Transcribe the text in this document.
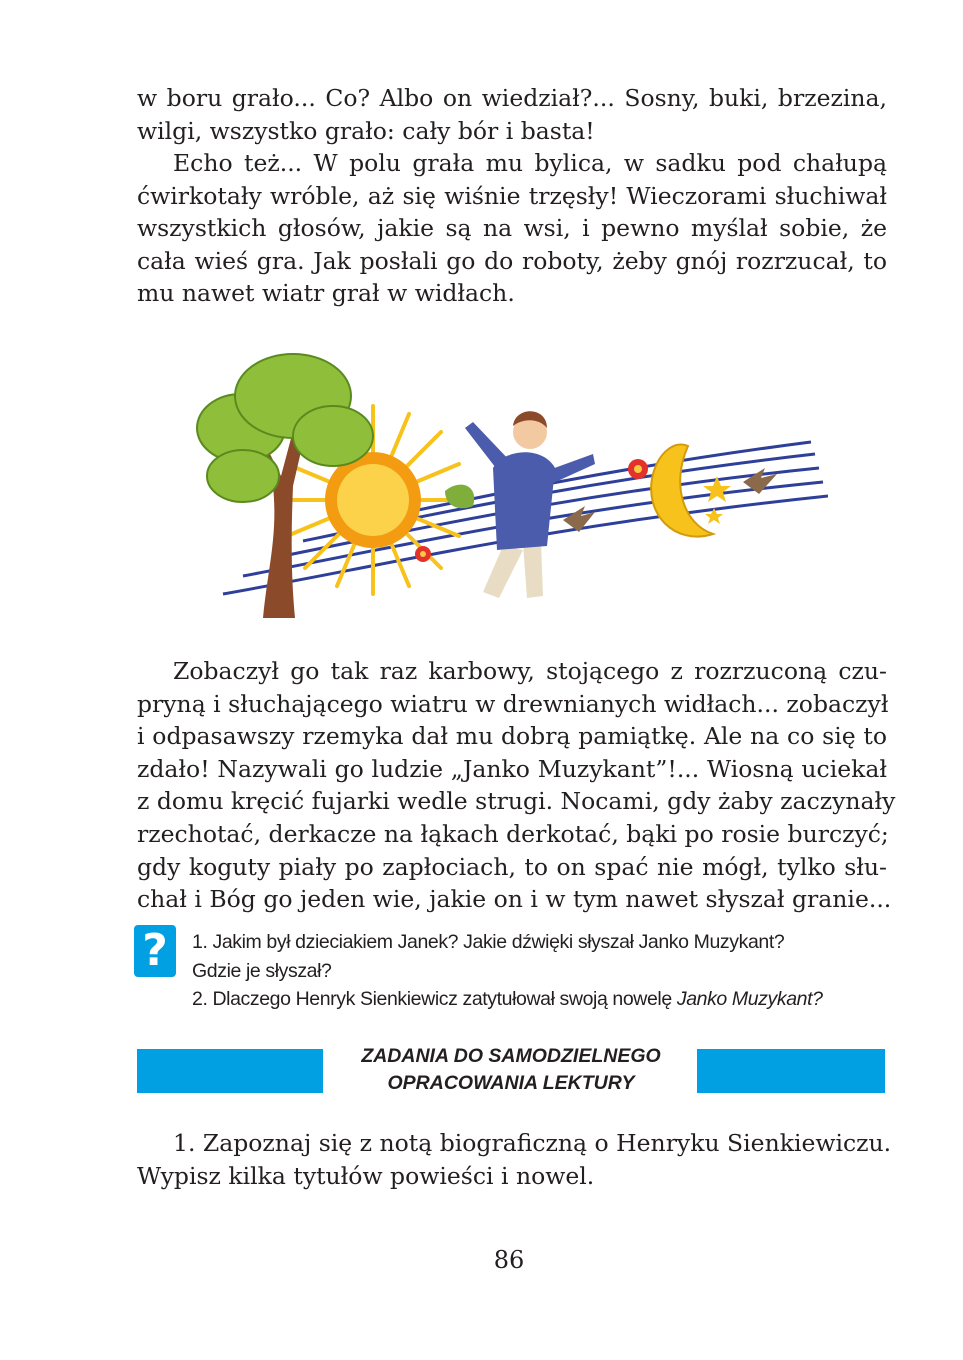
w boru grało... Co? Albo on wiedział?... Sosny, buki, brzezina,
wilgi, wszystko grało: cały bór i basta!

Echo też... W polu grała mu bylica, w sadku pod chałupą
ćwirkotały wróble, aż się wiśnie trzęsły! Wieczorami słuchiwał
wszystkich głosów, jakie są na wsi, i pewno myślał sobie, że
cała wieś gra. Jak posłali go do roboty, żeby gnój rozrzucał, to
mu nawet wiatr grał w widłach.

Zobaczył go tak raz karbowy, stojącego z rozrzuconą czu-
pryną i słuchającego wiatru w drewnianych widłach... zobaczył
i odpasawszy rzemyka dał mu dobrą pamiątkę. Ale na co się to
zdało! Nazywali go ludzie „Janko Muzykant”!... Wiosną uciekał
z domu kręcić fujarki wedle strugi. Nocami, gdy żaby zaczynały
rzechotać, derkacze na łąkach derkotać, bąki po rosie burczyć;
gdy koguty piały po zapłociach, to on spać nie mógł, tylko słu-
chał i Bóg go jeden wie, jakie on i w tym nawet słyszał granie...

?	1. Jakim był dzieciakiem Janek? Jakie dźwięki słyszał Janko Muzykant?
Gdzie je słyszał?
2. Dlaczego Henryk Sienkiewicz zatytułował swoją nowelę Janko Muzykant?

ZADANIA DO SAMODZIELNEGO
OPRACOWANIA LEKTURY

1. Zapoznaj się z notą biograficzną o Henryku Sienkiewiczu.
Wypisz kilka tytułów powieści i nowel.

86
